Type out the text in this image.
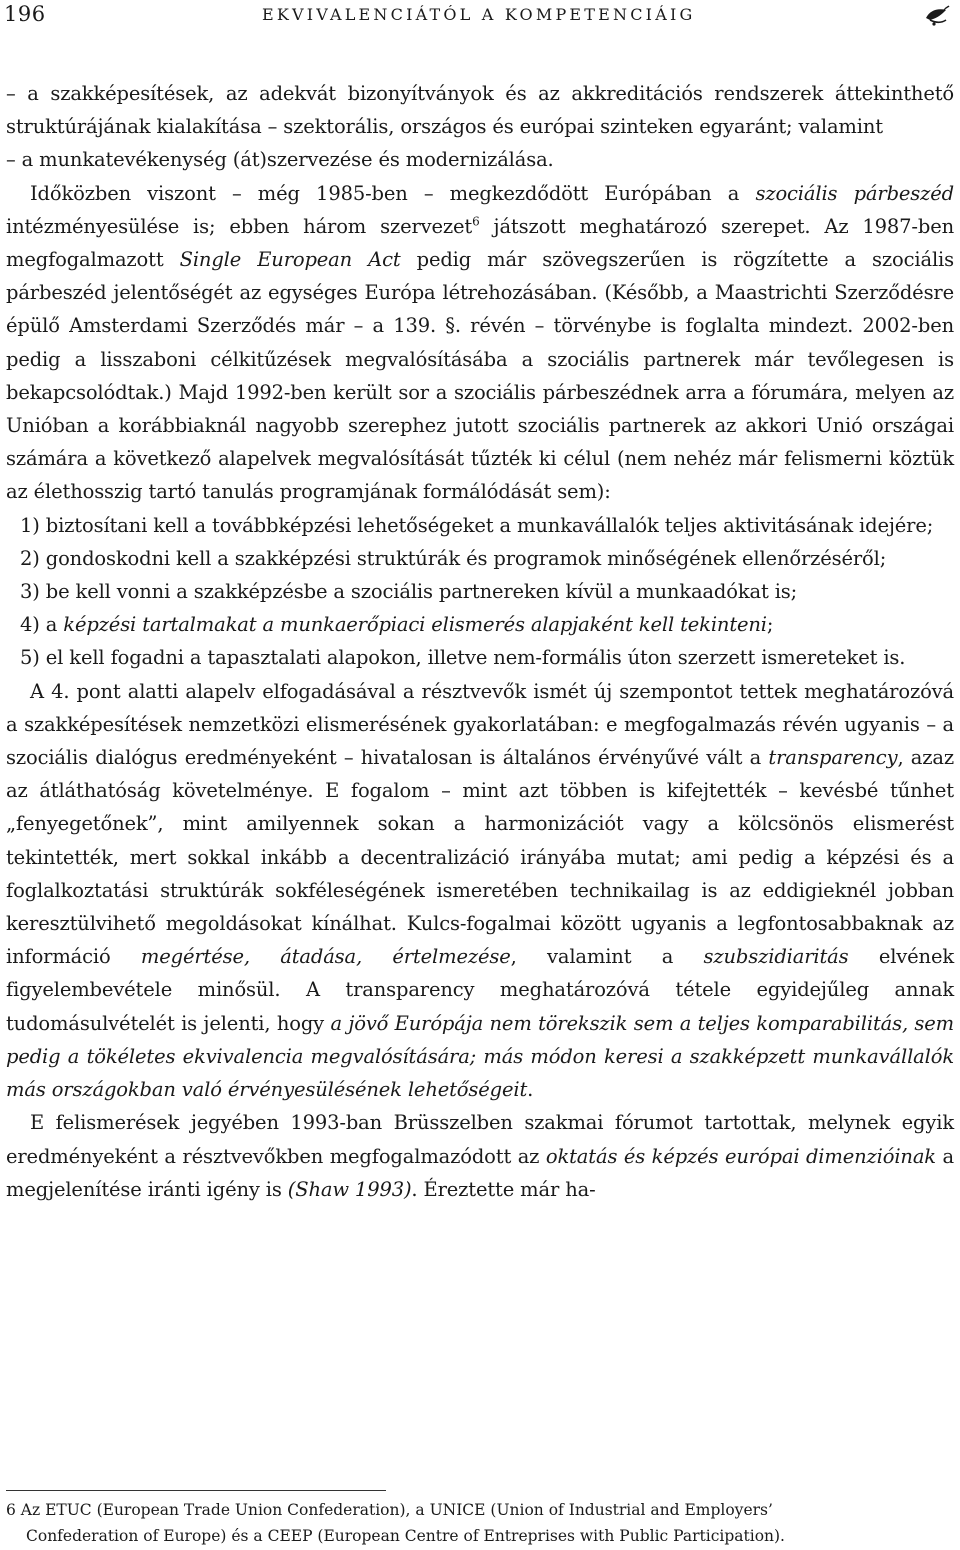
196	EKVIVALENCIÁTÓL A KOMPETENCIÁIG

– a szakképesítések, az adekvát bizonyítványok és az akkreditációs rendszerek áttekinthető struktúrájának kialakítása – szektorális, országos és európai szinteken egyaránt; valamint

– a munkatevékenység (át)szervezése és modernizálása.

Időközben viszont – még 1985-ben – megkezdődött Európában a szociális párbeszéd intézményesülése is; ebben három szervezet$^6$ játszott meghatározó szerepet. Az 1987-ben megfogalmazott Single European Act pedig már szövegszerűen is rögzítette a szociális párbeszéd jelentőségét az egységes Európa létrehozásában. (Később, a Maastrichti Szerződésre épülő Amsterdami Szerződés már – a 139. §. révén – törvénybe is foglalta mindezt. 2002-ben pedig a lisszaboni célkitűzések megvalósításába a szociális partnerek már tevőlegesen is bekapcsolódtak.) Majd 1992-ben került sor a szociális párbeszédnek arra a fórumára, melyen az Unióban a korábbiaknál nagyobb szerephez jutott szociális partnerek az akkori Unió országai számára a következő alapelvek megvalósítását tűzték ki célul (nem nehéz már felismerni köztük az élethosszig tartó tanulás programjának formálódását sem):

1) biztosítani kell a továbbképzési lehetőségeket a munkavállalók teljes aktivitásának idejére;

2) gondoskodni kell a szakképzési struktúrák és programok minőségének ellenőrzéséről;

3) be kell vonni a szakképzésbe a szociális partnereken kívül a munkaadókat is;

4) a képzési tartalmakat a munkaerőpiaci elismerés alapjaként kell tekinteni;

5) el kell fogadni a tapasztalati alapokon, illetve nem-formális úton szerzett ismereteket is.

A 4. pont alatti alapelv elfogadásával a résztvevők ismét új szempontot tettek meghatározóvá a szakképesítések nemzetközi elismerésének gyakorlatában: e megfogalmazás révén ugyanis – a szociális dialógus eredményeként – hivatalosan is általános érvényűvé vált a transparency, azaz az átláthatóság követelménye. E fogalom – mint azt többen is kifejtették – kevésbé tűnhet „fenyegetőnek”, mint amilyennek sokan a harmonizációt vagy a kölcsönös elismerést tekintették, mert sokkal inkább a decentralizáció irányába mutat; ami pedig a képzési és a foglalkoztatási struktúrák sokféleségének ismeretében technikailag is az eddigieknél jobban keresztülvihető megoldásokat kínálhat. Kulcs-fogalmai között ugyanis a legfontosabbaknak az információ megértése, átadása, értelmezése, valamint a szubszidiaritás elvének figyelembevétele minősül. A transparency meghatározóvá tétele egyidejűleg annak tudomásulvételét is jelenti, hogy a jövő Európája nem törekszik sem a teljes komparabilitás, sem pedig a tökéletes ekvivalencia megvalósítására; más módon keresi a szakképzett munkavállalók más országokban való érvényesülésének lehetőségeit.

E felismerések jegyében 1993-ban Brüsszelben szakmai fórumot tartottak, melynek egyik eredményeként a résztvevőkben megfogalmazódott az oktatás és képzés európai dimenzióinak a megjelenítése iránti igény is (Shaw 1993). Éreztette már ha-

6 Az ETUC (European Trade Union Confederation), a UNICE (Union of Industrial and Employers’
Confederation of Europe) és a CEEP (European Centre of Entreprises with Public Participation).
